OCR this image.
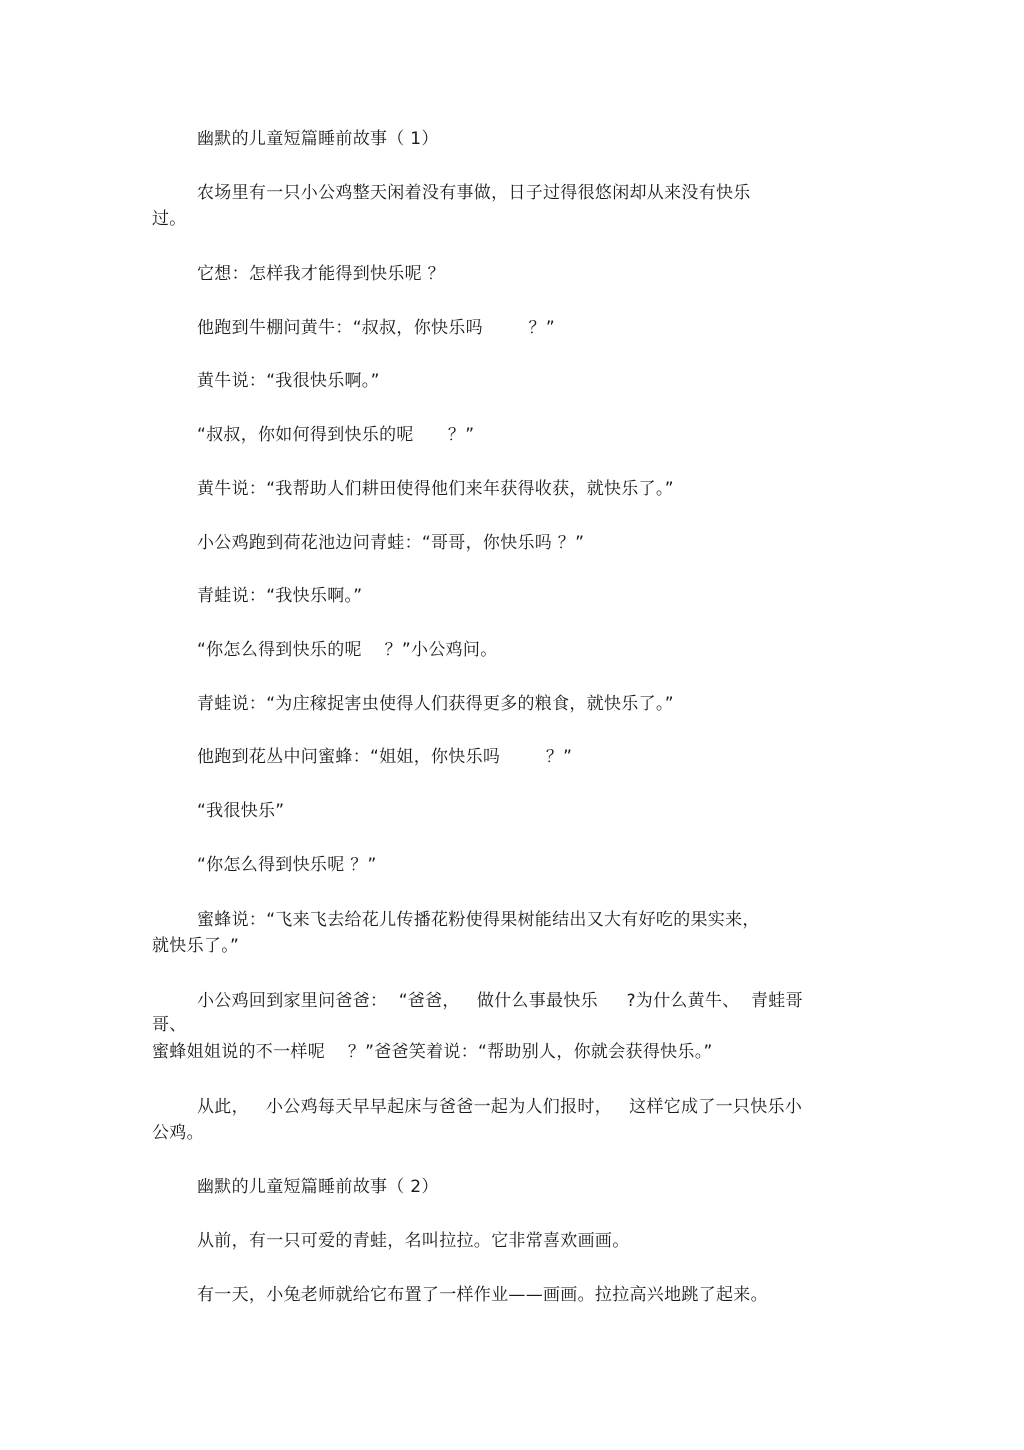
幽默的儿童短篇睡前故事（ 1）

农场里有一只小公鸡整天闲着没有事做，日子过得很悠闲却从来没有快乐

过。

它想：怎样我才能得到快乐呢 ？

他跑到牛棚问黄牛：“叔叔，你快乐吗        ？”

黄牛说：“我很快乐啊。”

“叔叔，你如何得到快乐的呢      ？”

黄牛说：“我帮助人们耕田使得他们来年获得收获，就快乐了。”

小公鸡跑到荷花池边问青蛙：“哥哥，你快乐吗 ？”

青蛙说：“我快乐啊。”

“你怎么得到快乐的呢    ？”小公鸡问。

青蛙说：“为庄稼捉害虫使得人们获得更多的粮食，就快乐了。”

他跑到花丛中问蜜蜂：“姐姐，你快乐吗        ？”

“我很快乐”

“你怎么得到快乐呢 ？”

蜜蜂说：“飞来飞去给花儿传播花粉使得果树能结出又大有好吃的果实来，

就快乐了。”

小公鸡回到家里问爸爸：  “爸爸，   做什么事最快乐     ?为什么黄牛、  青蛙哥

哥、

蜜蜂姐姐说的不一样呢    ？”爸爸笑着说：“帮助别人，你就会获得快乐。”

从此，   小公鸡每天早早起床与爸爸一起为人们报时，   这样它成了一只快乐小

公鸡。

幽默的儿童短篇睡前故事（ 2）

从前，有一只可爱的青蛙，名叫拉拉。它非常喜欢画画。

有一天，小兔老师就给它布置了一样作业——画画。拉拉高兴地跳了起来。
